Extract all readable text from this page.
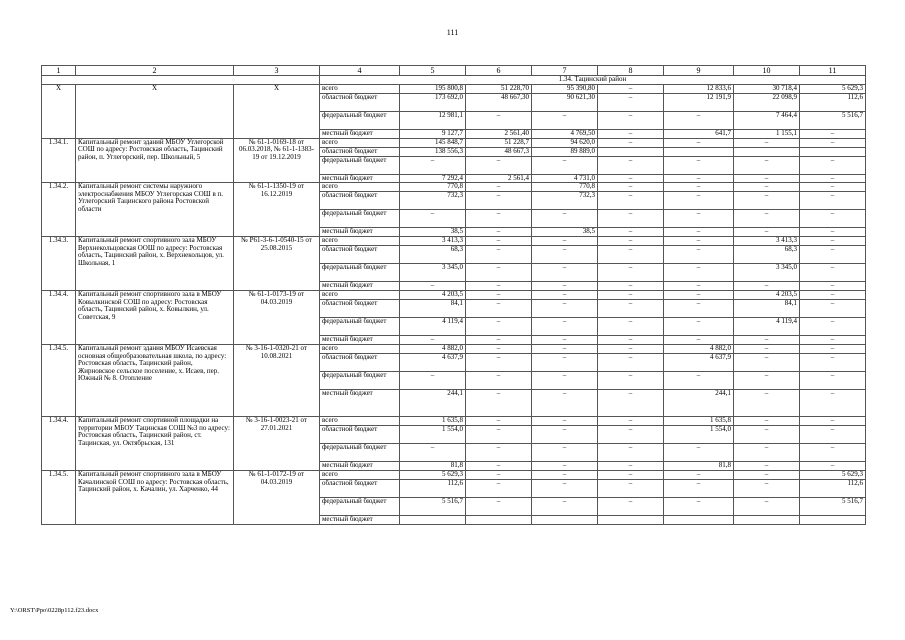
111
1	2	3	4	5	6	7	8	9	10	11
			1.34. Тацинский район							
Х	Х	Х	всего	195 800,8	51 228,70	95 390,80	–	12 833,6	30 718,4	5 629,3
			областной бюджет	173 692,0	48 667,30	90 621,30	–	12 191,9	22 098,9	112,6
			федеральный бюджет	12 981,1	–	–	–	–	7 464,4	5 516,7
			местный бюджет	9 127,7	2 561,40	4 769,50	–	641,7	1 155,1	–
1.34.1.	Капитальный ремонт зданий МБОУ Углегорской СОШ по адресу: Ростовская область, Тацинский район, п. Углегорский, пер. Школьный, 5	№ 61-1-0169-18 от 06.03.2018, № 61-1-1383-19 от 19.12.2019	всего	145 848,7	51 228,7	94 620,0	–	–	–	–
			областной бюджет	138 556,3	48 667,3	89 889,0				
			федеральный бюджет	–	–	–	–	–	–	–
			местный бюджет	7 292,4	2 561,4	4 731,0	–	–	–	–
1.34.2.	Капитальный ремонт системы наружного электроснабжения МБОУ Углегорская СОШ в п. Углегорский Тацинского района Ростовской области	№ 61-1-1350-19 от 16.12.2019	всего	770,8	–	770,8	–	–	–	–
			областной бюджет	732,3	–	732,3	–	–	–	–
			федеральный бюджет	–	–	–	–	–	–	–
			местный бюджет	38,5	–	38,5	–	–	–	–
1.34.3.	Капитальный ремонт спортивного зала МБОУ Верхнекольцовская ООШ по адресу: Ростовская область, Тацинский район, х. Верхнекольцов, ул. Школьная, 1	№ Р61-3-6-1-0540-15 от 25.08.2015	всего	3 413,3	–	–	–	–	3 413,3	–
			областной бюджет	68,3	–	–	–	–	68,3	–
			федеральный бюджет	3 345,0	–	–	–	–	3 345,0	–
			местный бюджет	–	–	–	–	–	–	–
1.34.4.	Капитальный ремонт спортивного зала в МБОУ Ковылкинской СОШ по адресу: Ростовская область, Тацинский район, х. Ковылкин, ул. Советская, 9	№ 61-1-0173-19 от 04.03.2019	всего	4 203,5	–	–	–	–	4 203,5	–
			областной бюджет	84,1	–	–	–	–	84,1	–
			федеральный бюджет	4 119,4	–	–	–	–	4 119,4	–
			местный бюджет	–	–	–	–	–	–	–
1.34.5.	Капитальный ремонт здания МБОУ Исаевская основная общеобразовательная школа, по адресу: Ростовская область, Тацинский район, Жирновское сельское поселение, х. Исаев, пер. Южный № 8. Отопление	№ 3-16-1-0320-21 от 10.08.2021	всего	4 882,0	–	–	–	4 882,0	–	–
			областной бюджет	4 637,9	–	–	–	4 637,9	–	–
			федеральный бюджет	–	–	–	–	–	–	–
			местный бюджет	244,1	–	–	–	244,1	–	–
1.34.4.	Капитальный ремонт спортивной площадки на территории МБОУ Тацинская СОШ №3 по адресу: Ростовская область, Тацинский район, ст. Тацинская, ул. Октябрьская, 131	№ 3-16-1-0023-21 от 27.01.2021	всего	1 635,8	–	–	–	1 635,8	–	–
			областной бюджет	1 554,0	–	–	–	1 554,0	–	–
			федеральный бюджет	–	–	–	–	–	–	–
			местный бюджет	81,8	–	–	–	81,8	–	–
1.34.5.	Капитальный ремонт спортивного зала в МБОУ Качалинской СОШ по адресу: Ростовская область, Тацинский район, х. Качалин, ул. Харченко, 44	№ 61-1-0172-19 от 04.03.2019	всего	5 629,3	–	–	–	–	–	5 629,3
			областной бюджет	112,6	–	–	–	–	–	112,6
			федеральный бюджет	5 516,7	–	–	–	–	–	5 516,7
			местный бюджет							
Y:\ORST\Ppo\0228p112.f23.docx
